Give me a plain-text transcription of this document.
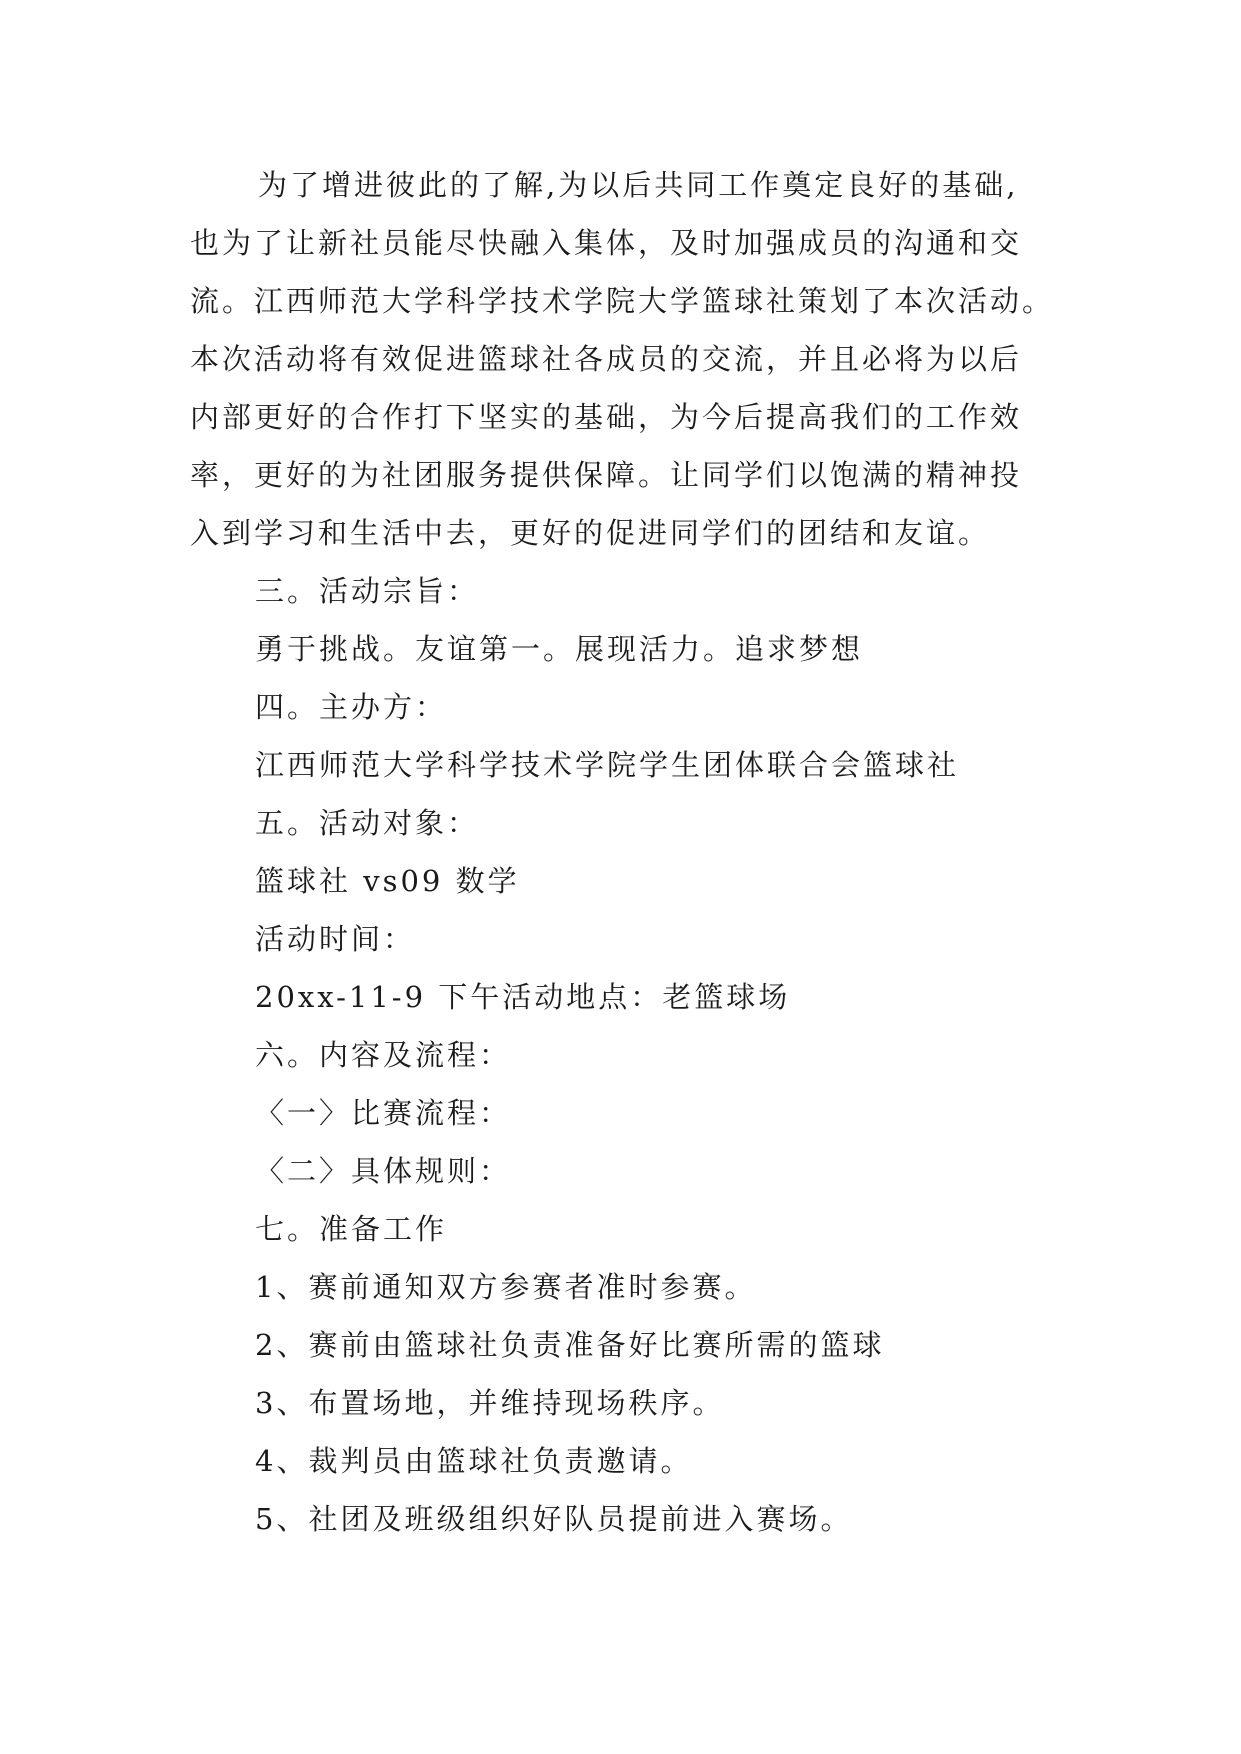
为了增进彼此的了解,为以后共同工作奠定良好的基础,
也为了让新社员能尽快融入集体，及时加强成员的沟通和交
流。江西师范大学科学技术学院大学篮球社策划了本次活动。
本次活动将有效促进篮球社各成员的交流，并且必将为以后
内部更好的合作打下坚实的基础，为今后提高我们的工作效
率，更好的为社团服务提供保障。让同学们以饱满的精神投
入到学习和生活中去，更好的促进同学们的团结和友谊。
三。活动宗旨：
勇于挑战。友谊第一。展现活力。追求梦想
四。主办方：
江西师范大学科学技术学院学生团体联合会篮球社
五。活动对象：
篮球社 vs09 数学
活动时间：
20xx-11-9 下午活动地点：老篮球场
六。内容及流程：
〈一〉比赛流程：
〈二〉具体规则：
七。准备工作
1、赛前通知双方参赛者准时参赛。
2、赛前由篮球社负责准备好比赛所需的篮球
3、布置场地，并维持现场秩序。
4、裁判员由篮球社负责邀请。
5、社团及班级组织好队员提前进入赛场。
